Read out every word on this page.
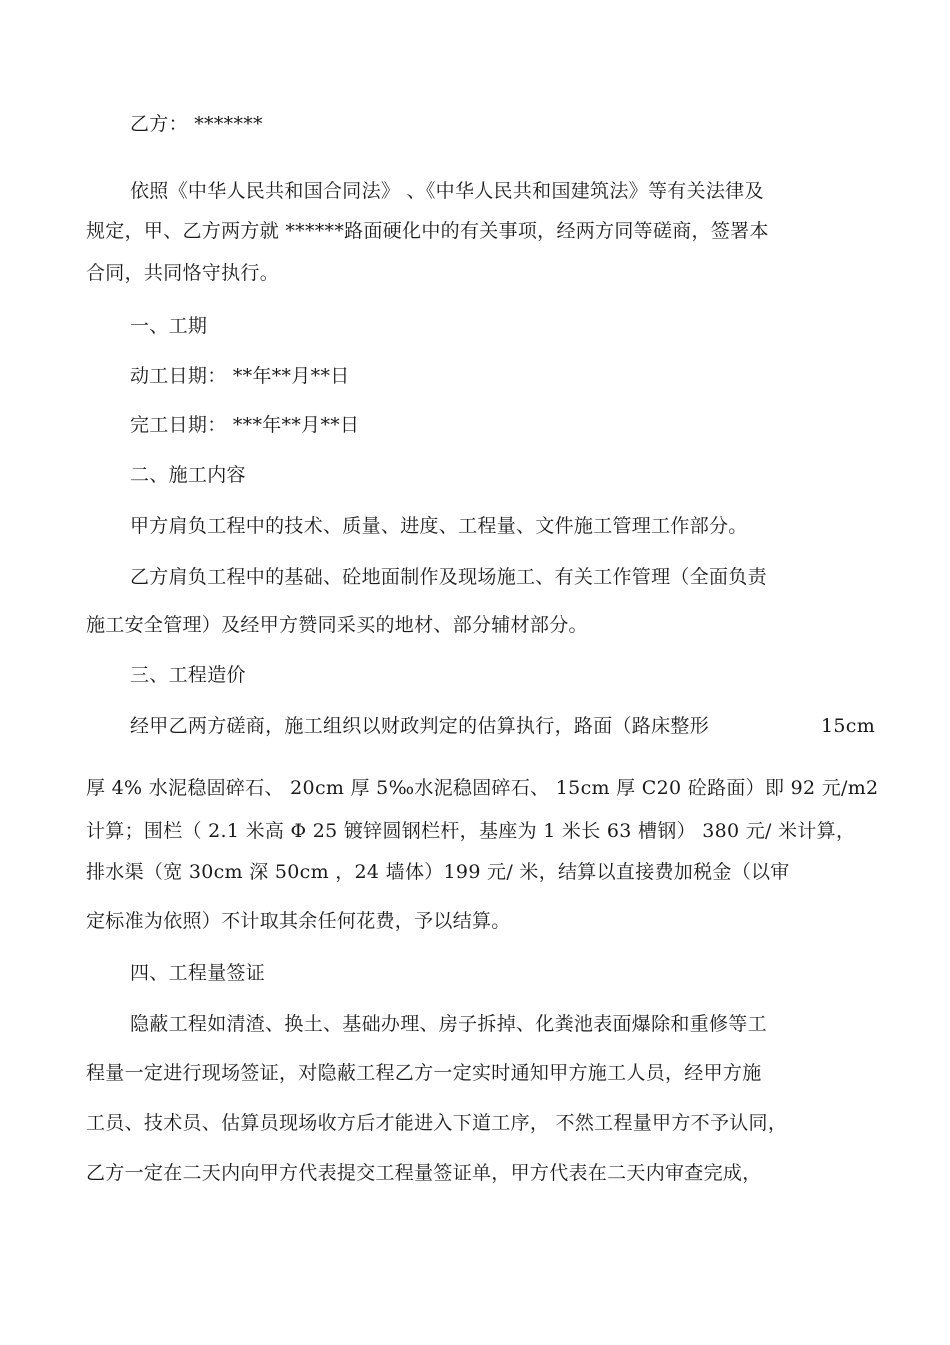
乙方： *******
依照《中华人民共和国合同法》 、《中华人民共和国建筑法》等有关法律及
规定，甲、乙方两方就 ******路面硬化中的有关事项，经两方同等磋商，签署本
合同，共同恪守执行。
一、工期
动工日期： **年**月**日
完工日期： ***年**月**日
二、施工内容
甲方肩负工程中的技术、质量、进度、工程量、文件施工管理工作部分。
乙方肩负工程中的基础、砼地面制作及现场施工、有关工作管理（全面负责
施工安全管理）及经甲方赞同采买的地材、部分辅材部分。
三、工程造价
经甲乙两方磋商，施工组织以财政判定的估算执行，路面（路床整形	15cm
厚 4% 水泥稳固碎石、 20cm 厚 5‰水泥稳固碎石、 15cm 厚 C20 砼路面）即 92 元/m2
计算；围栏（ 2.1 米高 Φ 25 镀锌圆钢栏杆，基座为 1 米长 63 槽钢） 380 元/ 米计算，
排水渠（宽 30cm 深 50cm ，24 墙体）199 元/ 米，结算以直接费加税金（以审
定标准为依照）不计取其余任何花费，予以结算。
四、工程量签证
隐蔽工程如清渣、换土、基础办理、房子拆掉、化粪池表面爆除和重修等工
程量一定进行现场签证，对隐蔽工程乙方一定实时通知甲方施工人员，经甲方施
工员、技术员、估算员现场收方后才能进入下道工序， 不然工程量甲方不予认同，
乙方一定在二天内向甲方代表提交工程量签证单，甲方代表在二天内审查完成，
